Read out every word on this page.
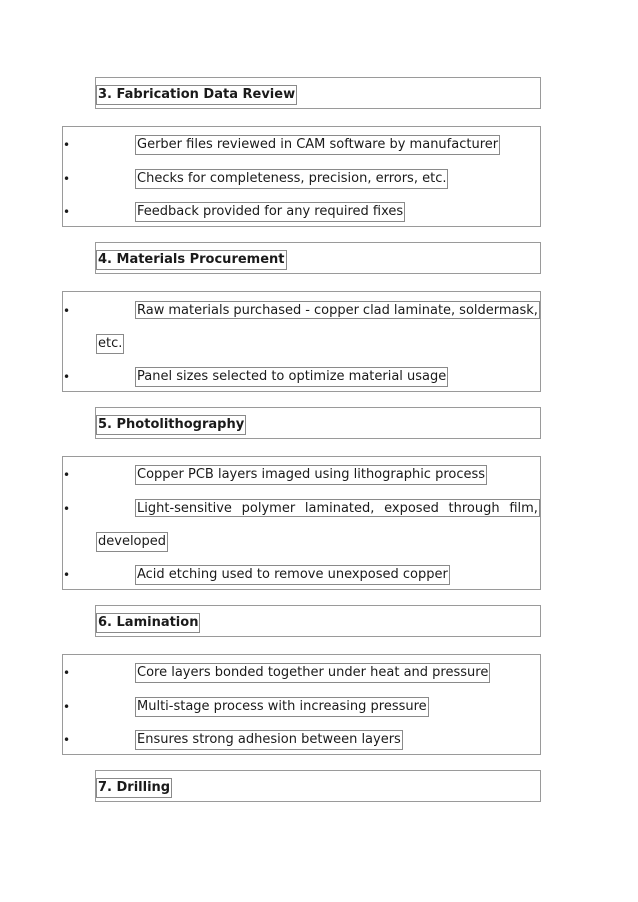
3. Fabrication Data Review
•	Gerber files reviewed in CAM software by manufacturer
•	Checks for completeness, precision, errors, etc.
•	Feedback provided for any required fixes
4. Materials Procurement
•	Raw materials purchased - copper clad laminate, soldermask,
etc.
•	Panel sizes selected to optimize material usage
5. Photolithography
•	Copper PCB layers imaged using lithographic process
•	Light-sensitive polymer laminated, exposed through film,
developed
•	Acid etching used to remove unexposed copper
6. Lamination
•	Core layers bonded together under heat and pressure
•	Multi-stage process with increasing pressure
•	Ensures strong adhesion between layers
7. Drilling
